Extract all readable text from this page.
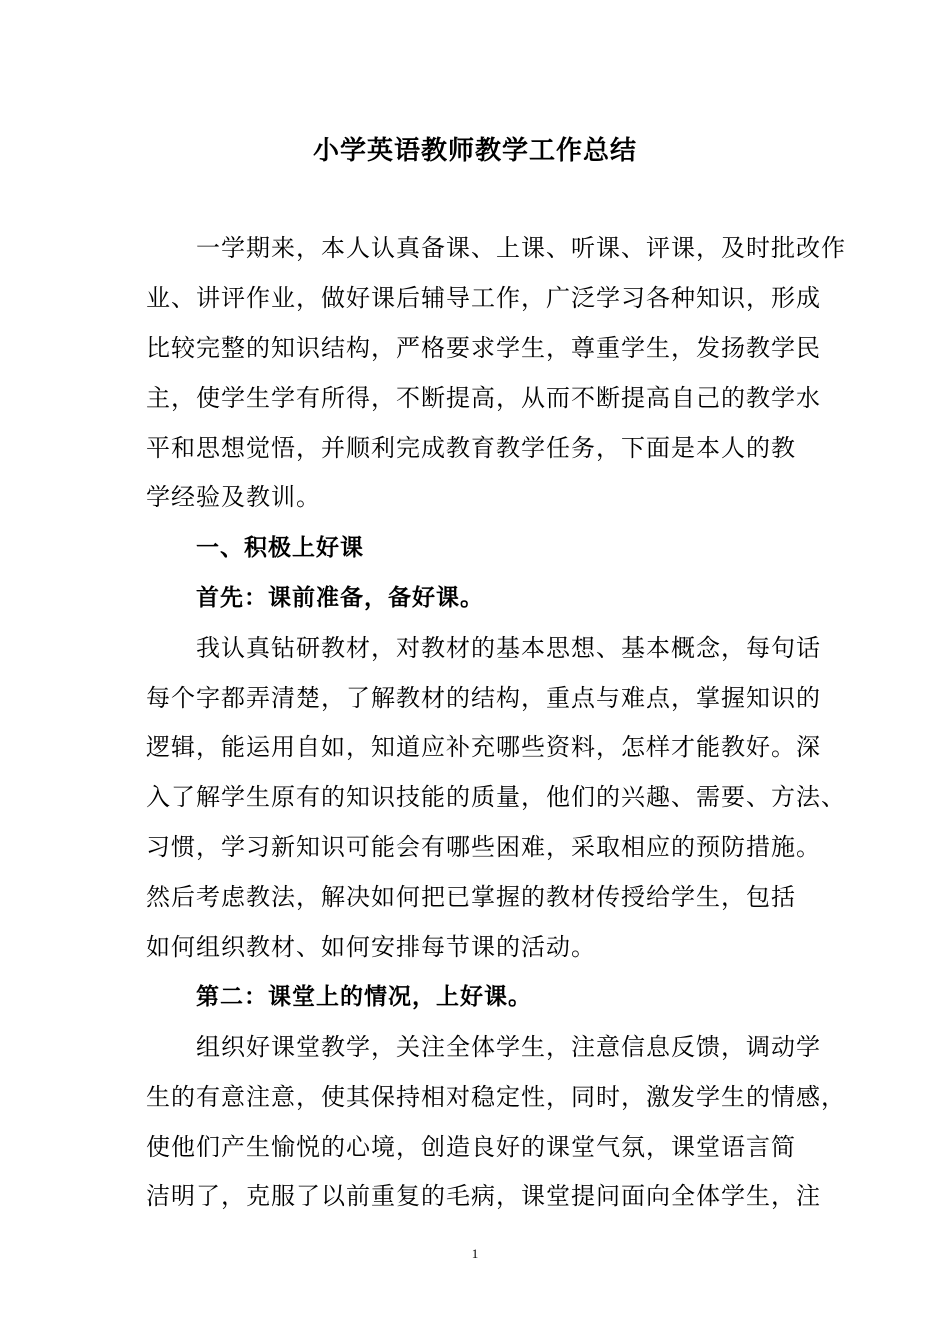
小学英语教师教学工作总结
一学期来，本人认真备课、上课、听课、评课，及时批改作
业、讲评作业，做好课后辅导工作，广泛学习各种知识，形成
比较完整的知识结构，严格要求学生，尊重学生，发扬教学民
主，使学生学有所得，不断提高，从而不断提高自己的教学水
平和思想觉悟，并顺利完成教育教学任务，下面是本人的教
学经验及教训。
一、积极上好课
首先：课前准备，备好课。
我认真钻研教材，对教材的基本思想、基本概念，每句话
每个字都弄清楚，了解教材的结构，重点与难点，掌握知识的
逻辑，能运用自如，知道应补充哪些资料，怎样才能教好。深
入了解学生原有的知识技能的质量，他们的兴趣、需要、方法、
习惯，学习新知识可能会有哪些困难，采取相应的预防措施。
然后考虑教法，解决如何把已掌握的教材传授给学生，包括
如何组织教材、如何安排每节课的活动。
第二：课堂上的情况，上好课。
组织好课堂教学，关注全体学生，注意信息反馈，调动学
生的有意注意，使其保持相对稳定性，同时，激发学生的情感，
使他们产生愉悦的心境，创造良好的课堂气氛，课堂语言简
洁明了，克服了以前重复的毛病，课堂提问面向全体学生，注
1
